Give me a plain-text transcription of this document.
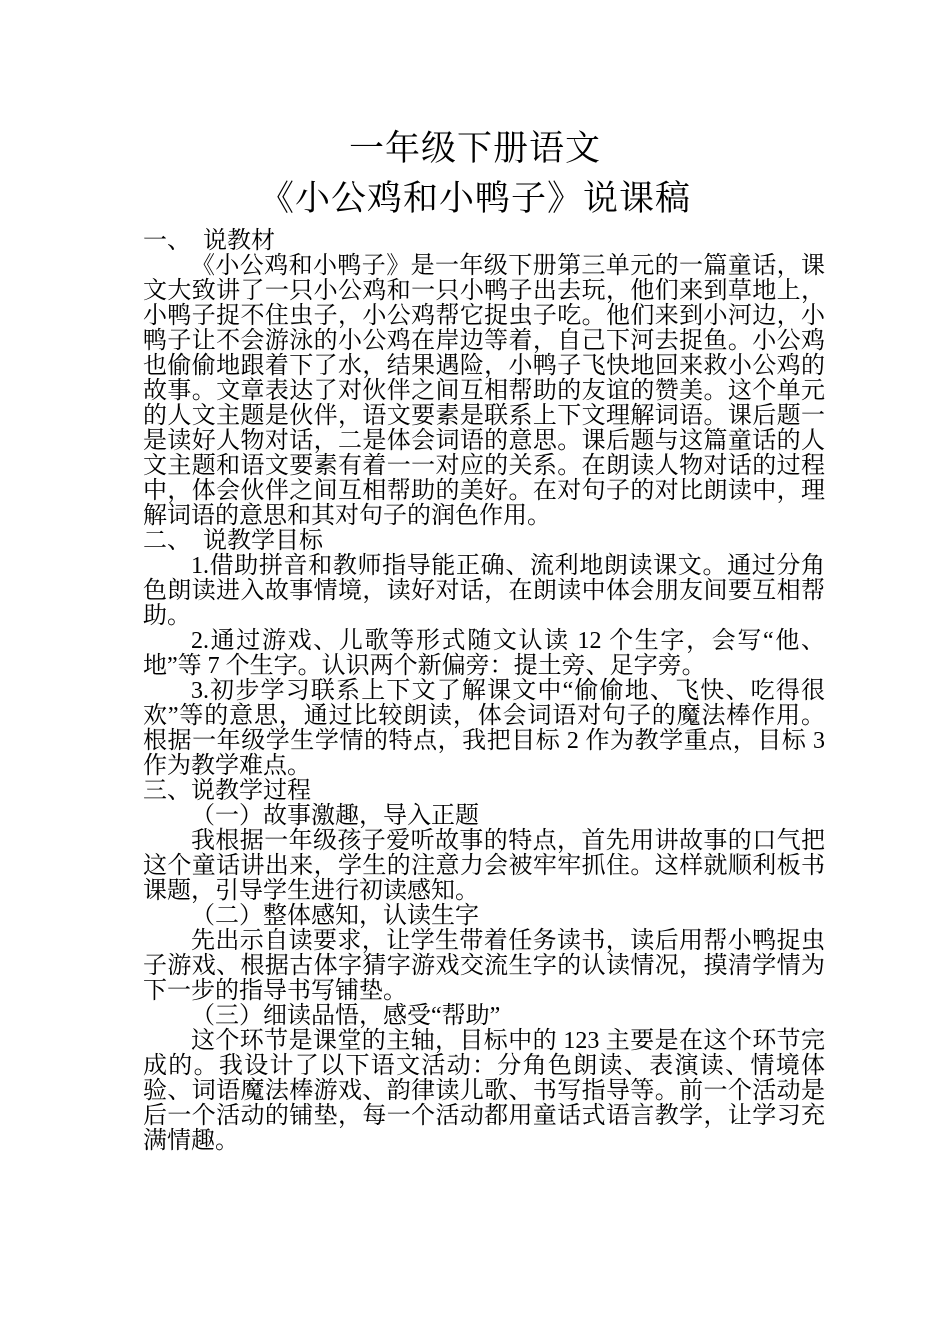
一年级下册语文
《小公鸡和小鸭子》说课稿

一、　说教材

《小公鸡和小鸭子》是一年级下册第三单元的一篇童话，课文大致讲了一只小公鸡和一只小鸭子出去玩，他们来到草地上，小鸭子捉不住虫子，小公鸡帮它捉虫子吃。他们来到小河边，小鸭子让不会游泳的小公鸡在岸边等着，自己下河去捉鱼。小公鸡也偷偷地跟着下了水，结果遇险，小鸭子飞快地回来救小公鸡的故事。文章表达了对伙伴之间互相帮助的友谊的赞美。这个单元的人文主题是伙伴，语文要素是联系上下文理解词语。课后题一是读好人物对话，二是体会词语的意思。课后题与这篇童话的人文主题和语文要素有着一一对应的关系。在朗读人物对话的过程中，体会伙伴之间互相帮助的美好。在对句子的对比朗读中，理解词语的意思和其对句子的润色作用。

二、　说教学目标

1.借助拼音和教师指导能正确、流利地朗读课文。通过分角色朗读进入故事情境，读好对话，在朗读中体会朋友间要互相帮助。

2.通过游戏、儿歌等形式随文认读 12 个生字，会写“他、地”等 7 个生字。认识两个新偏旁：提土旁、足字旁。

3.初步学习联系上下文了解课文中“偷偷地、飞快、吃得很欢”等的意思，通过比较朗读，体会词语对句子的魔法棒作用。根据一年级学生学情的特点，我把目标 2 作为教学重点，目标 3 作为教学难点。

三、说教学过程

（一）故事激趣，导入正题

我根据一年级孩子爱听故事的特点，首先用讲故事的口气把这个童话讲出来，学生的注意力会被牢牢抓住。这样就顺利板书课题，引导学生进行初读感知。

（二）整体感知，认读生字

先出示自读要求，让学生带着任务读书，读后用帮小鸭捉虫子游戏、根据古体字猜字游戏交流生字的认读情况，摸清学情为下一步的指导书写铺垫。

（三）细读品悟，感受“帮助”

这个环节是课堂的主轴，目标中的 123 主要是在这个环节完成的。我设计了以下语文活动：分角色朗读、表演读、情境体验、词语魔法棒游戏、韵律读儿歌、书写指导等。前一个活动是后一个活动的铺垫，每一个活动都用童话式语言教学，让学习充满情趣。
